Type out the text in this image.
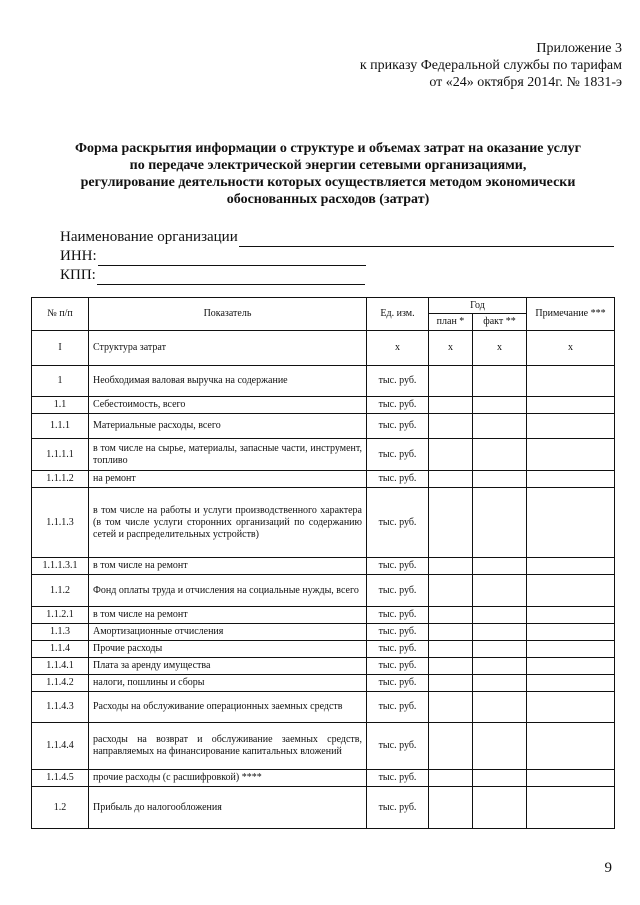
Приложение 3
к приказу Федеральной службы по тарифам
от «24» октября 2014г. № 1831-э
Форма раскрытия информации о структуре и объемах затрат на оказание услуг
по передаче электрической энергии сетевыми организациями,
регулирование деятельности которых осуществляется методом экономически
обоснованных расходов (затрат)
Наименование организации
ИНН:
КПП:
№ п/п	Показатель	Ед. изм.	Год		Примечание ***
			план *	факт **	
I	Структура затрат	х	х	х	х
1	Необходимая валовая выручка на содержание	тыс. руб.			
1.1	Себестоимость, всего	тыс. руб.			
1.1.1	Материальные расходы, всего	тыс. руб.			
1.1.1.1	в том числе на сырье, материалы, запасные части, инструмент, топливо	тыс. руб.			
1.1.1.2	на ремонт	тыс. руб.			
1.1.1.3	в том числе на работы и услуги производственного характера (в том числе услуги сторонних организаций по содержанию сетей и распределительных устройств)	тыс. руб.			
1.1.1.3.1	в том числе на ремонт	тыс. руб.			
1.1.2	Фонд оплаты труда и отчисления на социальные нужды, всего	тыс. руб.			
1.1.2.1	в том числе на ремонт	тыс. руб.			
1.1.3	Амортизационные отчисления	тыс. руб.			
1.1.4	Прочие расходы	тыс. руб.			
1.1.4.1	Плата за аренду имущества	тыс. руб.			
1.1.4.2	налоги, пошлины и сборы	тыс. руб.			
1.1.4.3	Расходы на обслуживание операционных заемных средств	тыс. руб.			
1.1.4.4	расходы на возврат и обслуживание заемных средств, направляемых на финансирование капитальных вложений	тыс. руб.			
1.1.4.5	прочие расходы (с расшифровкой) ****	тыс. руб.			
1.2	Прибыль до налогообложения	тыс. руб.			
9
